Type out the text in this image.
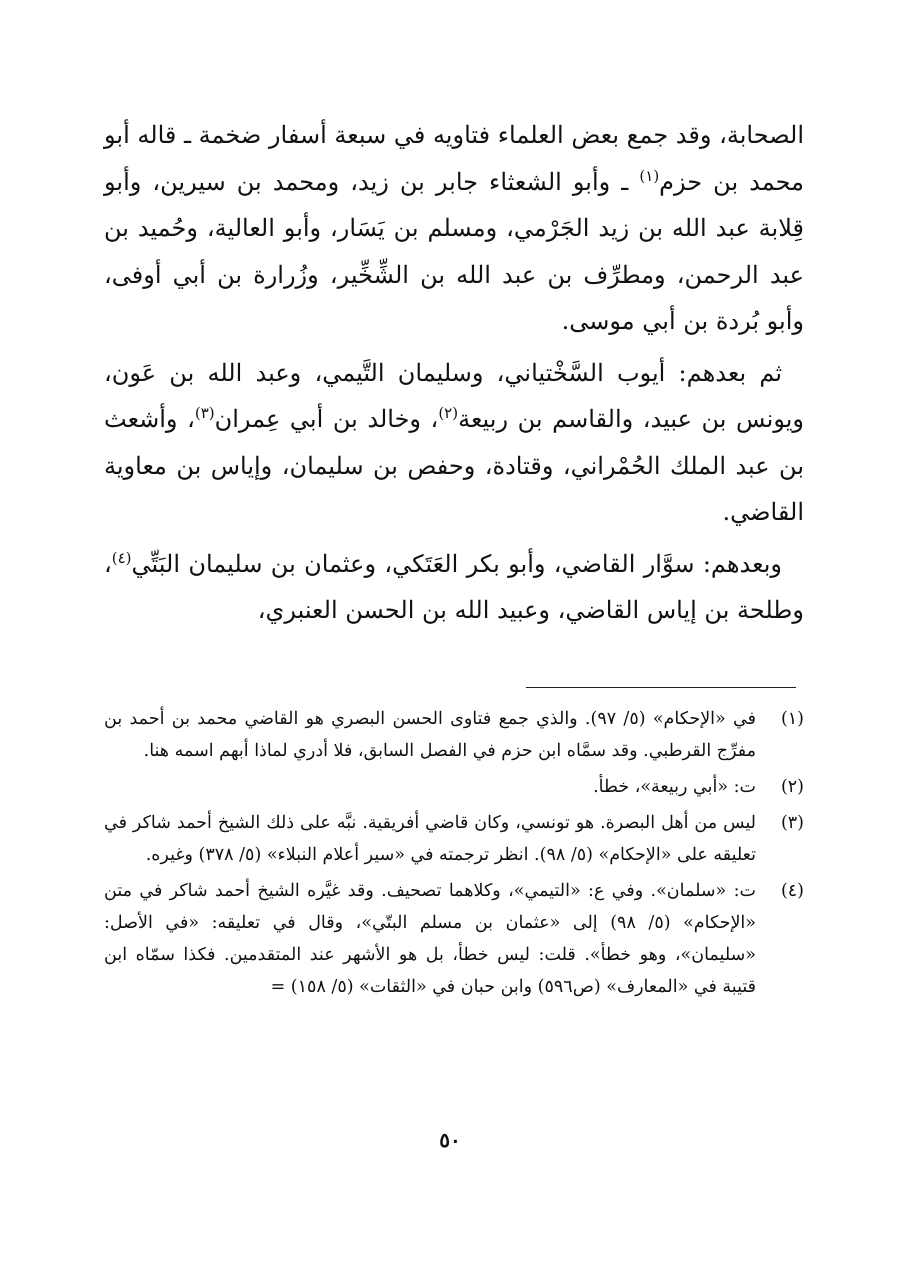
الصحابة، وقد جمع بعض العلماء فتاويه في سبعة أسفار ضخمة ـ قاله أبو محمد بن حزم$^{(١)}$ ـ وأبو الشعثاء جابر بن زيد، ومحمد بن سيرين، وأبو قِلابة عبد الله بن زيد الجَرْمي، ومسلم بن يَسَار، وأبو العالية، وحُميد بن عبد الرحمن، ومطرِّف بن عبد الله بن الشِّخِّير، وزُرارة بن أبي أوفى، وأبو بُردة بن أبي موسى.

ثم بعدهم: أيوب السَّخْتياني، وسليمان التَّيمي، وعبد الله بن عَون، ويونس بن عبيد، والقاسم بن ربيعة$^{(٢)}$، وخالد بن أبي عِمران$^{(٣)}$، وأشعث بن عبد الملك الحُمْراني، وقتادة، وحفص بن سليمان، وإياس بن معاوية القاضي.

وبعدهم: سوَّار القاضي، وأبو بكر العَتَكي، وعثمان بن سليمان البَتِّي$^{(٤)}$، وطلحة بن إياس القاضي، وعبيد الله بن الحسن العنبري،

(١)
في «الإحكام» (٥/ ٩٧). والذي جمع فتاوى الحسن البصري هو القاضي محمد بن أحمد بن مفرِّج القرطبي. وقد سمَّاه ابن حزم في الفصل السابق، فلا أدري لماذا أبهم اسمه هنا.
(٢)
ت: «أبي ربيعة»، خطأ.
(٣)
ليس من أهل البصرة. هو تونسي، وكان قاضي أفريقية. نبَّه على ذلك الشيخ أحمد شاكر في تعليقه على «الإحكام» (٥/ ٩٨). انظر ترجمته في «سير أعلام النبلاء» (٥/ ٣٧٨) وغيره.
(٤)
ت: «سلمان». وفي ع: «التيمي»، وكلاهما تصحيف. وقد غيَّره الشيخ أحمد شاكر في متن «الإحكام» (٥/ ٩٨) إلى «عثمان بن مسلم البتّي»، وقال في تعليقه: «في الأصل: «سليمان»، وهو خطأ». قلت: ليس خطأ، بل هو الأشهر عند المتقدمين. فكذا سمّاه ابن قتيبة في «المعارف» (ص٥٩٦) وابن حبان في «الثقات» (٥/ ١٥٨) =
٥٠
